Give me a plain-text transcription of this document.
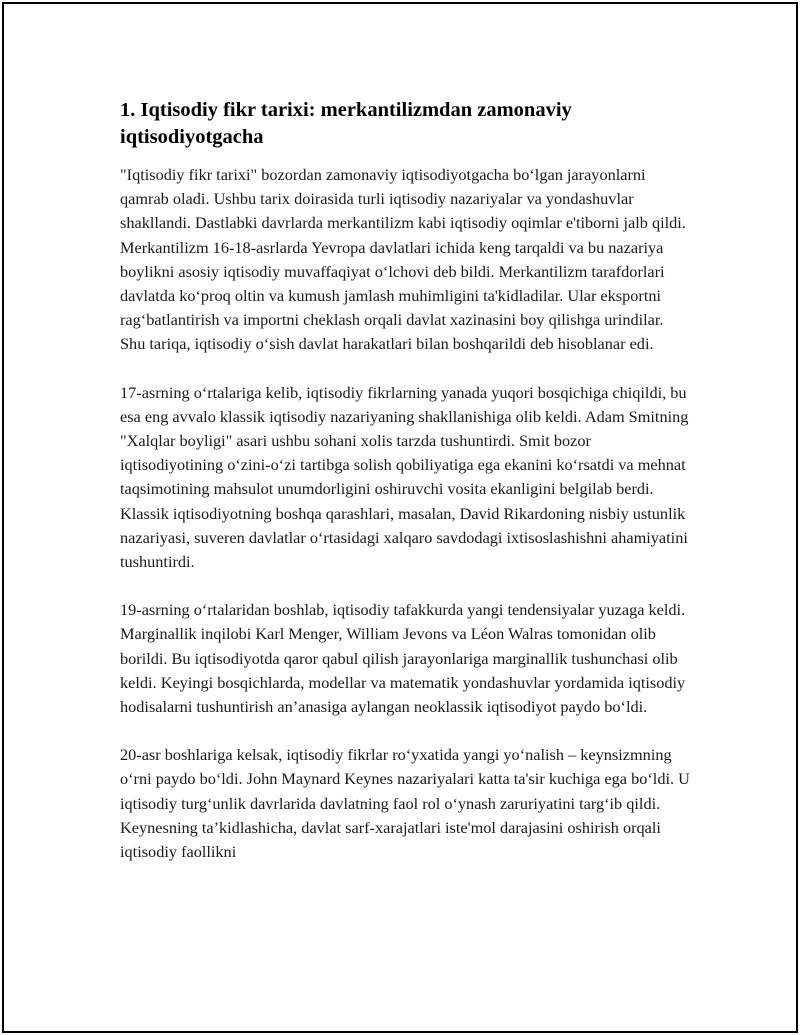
1. Iqtisodiy fikr tarixi: merkantilizmdan zamonaviy iqtisodiyotgacha

"Iqtisodiy fikr tarixi" bozordan zamonaviy iqtisodiyotgacha boʻlgan jarayonlarni qamrab oladi. Ushbu tarix doirasida turli iqtisodiy nazariyalar va yondashuvlar shakllandi. Dastlabki davrlarda merkantilizm kabi iqtisodiy oqimlar e'tiborni jalb qildi. Merkantilizm 16-18-asrlarda Yevropa davlatlari ichida keng tarqaldi va bu nazariya boylikni asosiy iqtisodiy muvaffaqiyat oʻlchovi deb bildi. Merkantilizm tarafdorlari davlatda koʻproq oltin va kumush jamlash muhimligini ta'kidladilar. Ular eksportni ragʻbatlantirish va importni cheklash orqali davlat xazinasini boy qilishga urindilar. Shu tariqa, iqtisodiy oʻsish davlat harakatlari bilan boshqarildi deb hisoblanar edi.

17-asrning oʻrtalariga kelib, iqtisodiy fikrlarning yanada yuqori bosqichiga chiqildi, bu esa eng avvalo klassik iqtisodiy nazariyaning shakllanishiga olib keldi. Adam Smitning "Xalqlar boyligi" asari ushbu sohani xolis tarzda tushuntirdi. Smit bozor iqtisodiyotining oʻzini-oʻzi tartibga solish qobiliyatiga ega ekanini koʻrsatdi va mehnat taqsimotining mahsulot unumdorligini oshiruvchi vosita ekanligini belgilab berdi. Klassik iqtisodiyotning boshqa qarashlari, masalan, David Rikardoning nisbiy ustunlik nazariyasi, suveren davlatlar oʻrtasidagi xalqaro savdodagi ixtisoslashishni ahamiyatini tushuntirdi.

19-asrning oʻrtalaridan boshlab, iqtisodiy tafakkurda yangi tendensiyalar yuzaga keldi. Marginallik inqilobi Karl Menger, William Jevons va Léon Walras tomonidan olib borildi. Bu iqtisodiyotda qaror qabul qilish jarayonlariga marginallik tushunchasi olib keldi. Keyingi bosqichlarda, modellar va matematik yondashuvlar yordamida iqtisodiy hodisalarni tushuntirish an’anasiga aylangan neoklassik iqtisodiyot paydo boʻldi.

20-asr boshlariga kelsak, iqtisodiy fikrlar roʻyxatida yangi yoʻnalish – keynsizmning oʻrni paydo boʻldi. John Maynard Keynes nazariyalari katta ta'sir kuchiga ega boʻldi. U iqtisodiy turgʻunlik davrlarida davlatning faol rol oʻynash zaruriyatini targʻib qildi. Keynesning ta’kidlashicha, davlat sarf-xarajatlari iste'mol darajasini oshirish orqali iqtisodiy faollikni
